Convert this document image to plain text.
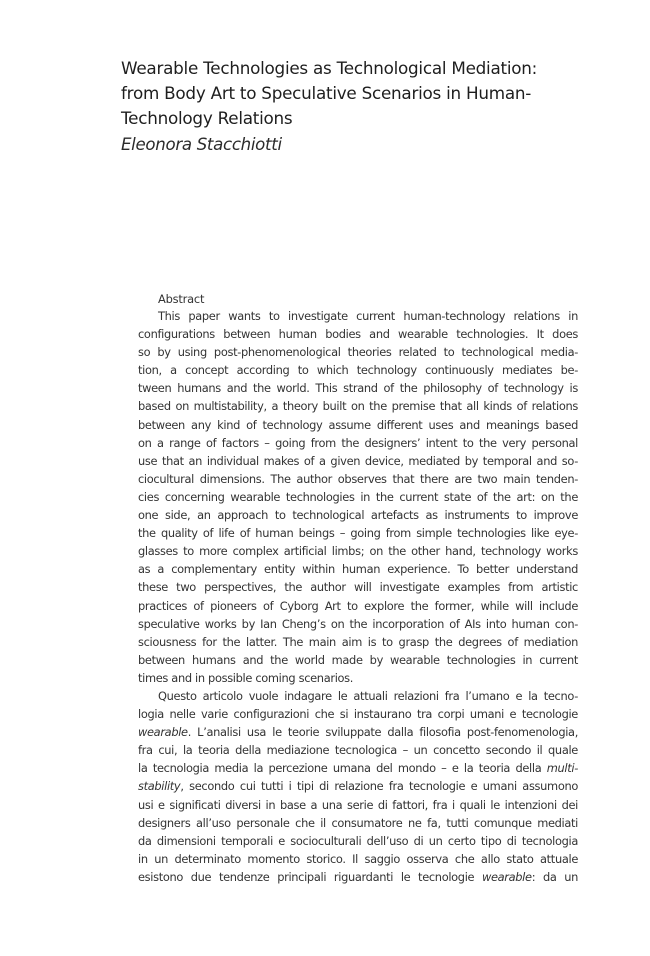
Wearable Technologies as Technological Mediation:
from Body Art to Speculative Scenarios in Human-
Technology Relations
Eleonora Stacchiotti
Abstract
This paper wants to investigate current human-technology relations in
configurations between human bodies and wearable technologies. It does
so by using post-phenomenological theories related to technological media-
tion, a concept according to which technology continuously mediates be-
tween humans and the world. This strand of the philosophy of technology is
based on multistability, a theory built on the premise that all kinds of relations
between any kind of technology assume different uses and meanings based
on a range of factors – going from the designers’ intent to the very personal
use that an individual makes of a given device, mediated by temporal and so-
ciocultural dimensions. The author observes that there are two main tenden-
cies concerning wearable technologies in the current state of the art: on the
one side, an approach to technological artefacts as instruments to improve
the quality of life of human beings – going from simple technologies like eye-
glasses to more complex artificial limbs; on the other hand, technology works
as a complementary entity within human experience. To better understand
these two perspectives, the author will investigate examples from artistic
practices of pioneers of Cyborg Art to explore the former, while will include
speculative works by Ian Cheng’s on the incorporation of AIs into human con-
sciousness for the latter. The main aim is to grasp the degrees of mediation
between humans and the world made by wearable technologies in current
times and in possible coming scenarios.
Questo articolo vuole indagare le attuali relazioni fra l’umano e la tecno-
logia nelle varie configurazioni che si instaurano tra corpi umani e tecnologie
wearable. L’analisi usa le teorie sviluppate dalla filosofia post-fenomenologia,
fra cui, la teoria della mediazione tecnologica – un concetto secondo il quale
la tecnologia media la percezione umana del mondo – e la teoria della multi-
stability, secondo cui tutti i tipi di relazione fra tecnologie e umani assumono
usi e significati diversi in base a una serie di fattori, fra i quali le intenzioni dei
designers all’uso personale che il consumatore ne fa, tutti comunque mediati
da dimensioni temporali e socioculturali dell’uso di un certo tipo di tecnologia
in un determinato momento storico. Il saggio osserva che allo stato attuale
esistono due tendenze principali riguardanti le tecnologie wearable: da un
